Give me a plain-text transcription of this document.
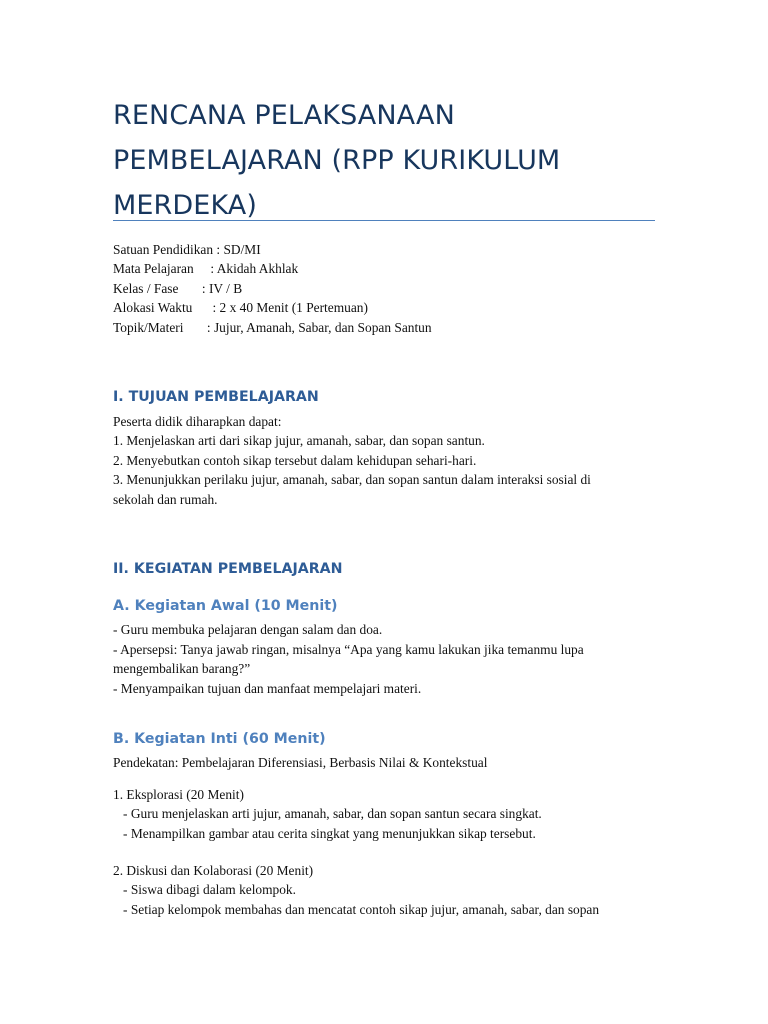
RENCANA PELAKSANAAN PEMBELAJARAN (RPP KURIKULUM MERDEKA)
Satuan Pendidikan : SD/MI
Mata Pelajaran     : Akidah Akhlak
Kelas / Fase       : IV / B
Alokasi Waktu      : 2 x 40 Menit (1 Pertemuan)
Topik/Materi       : Jujur, Amanah, Sabar, dan Sopan Santun
I. TUJUAN PEMBELAJARAN
Peserta didik diharapkan dapat:
1. Menjelaskan arti dari sikap jujur, amanah, sabar, dan sopan santun.
2. Menyebutkan contoh sikap tersebut dalam kehidupan sehari-hari.
3. Menunjukkan perilaku jujur, amanah, sabar, dan sopan santun dalam interaksi sosial di
sekolah dan rumah.
II. KEGIATAN PEMBELAJARAN
A. Kegiatan Awal (10 Menit)
- Guru membuka pelajaran dengan salam dan doa.
- Apersepsi: Tanya jawab ringan, misalnya “Apa yang kamu lakukan jika temanmu lupa
mengembalikan barang?”
- Menyampaikan tujuan dan manfaat mempelajari materi.
B. Kegiatan Inti (60 Menit)
Pendekatan: Pembelajaran Diferensiasi, Berbasis Nilai & Kontekstual
1. Eksplorasi (20 Menit)
- Guru menjelaskan arti jujur, amanah, sabar, dan sopan santun secara singkat.
- Menampilkan gambar atau cerita singkat yang menunjukkan sikap tersebut.
2. Diskusi dan Kolaborasi (20 Menit)
- Siswa dibagi dalam kelompok.
- Setiap kelompok membahas dan mencatat contoh sikap jujur, amanah, sabar, dan sopan
